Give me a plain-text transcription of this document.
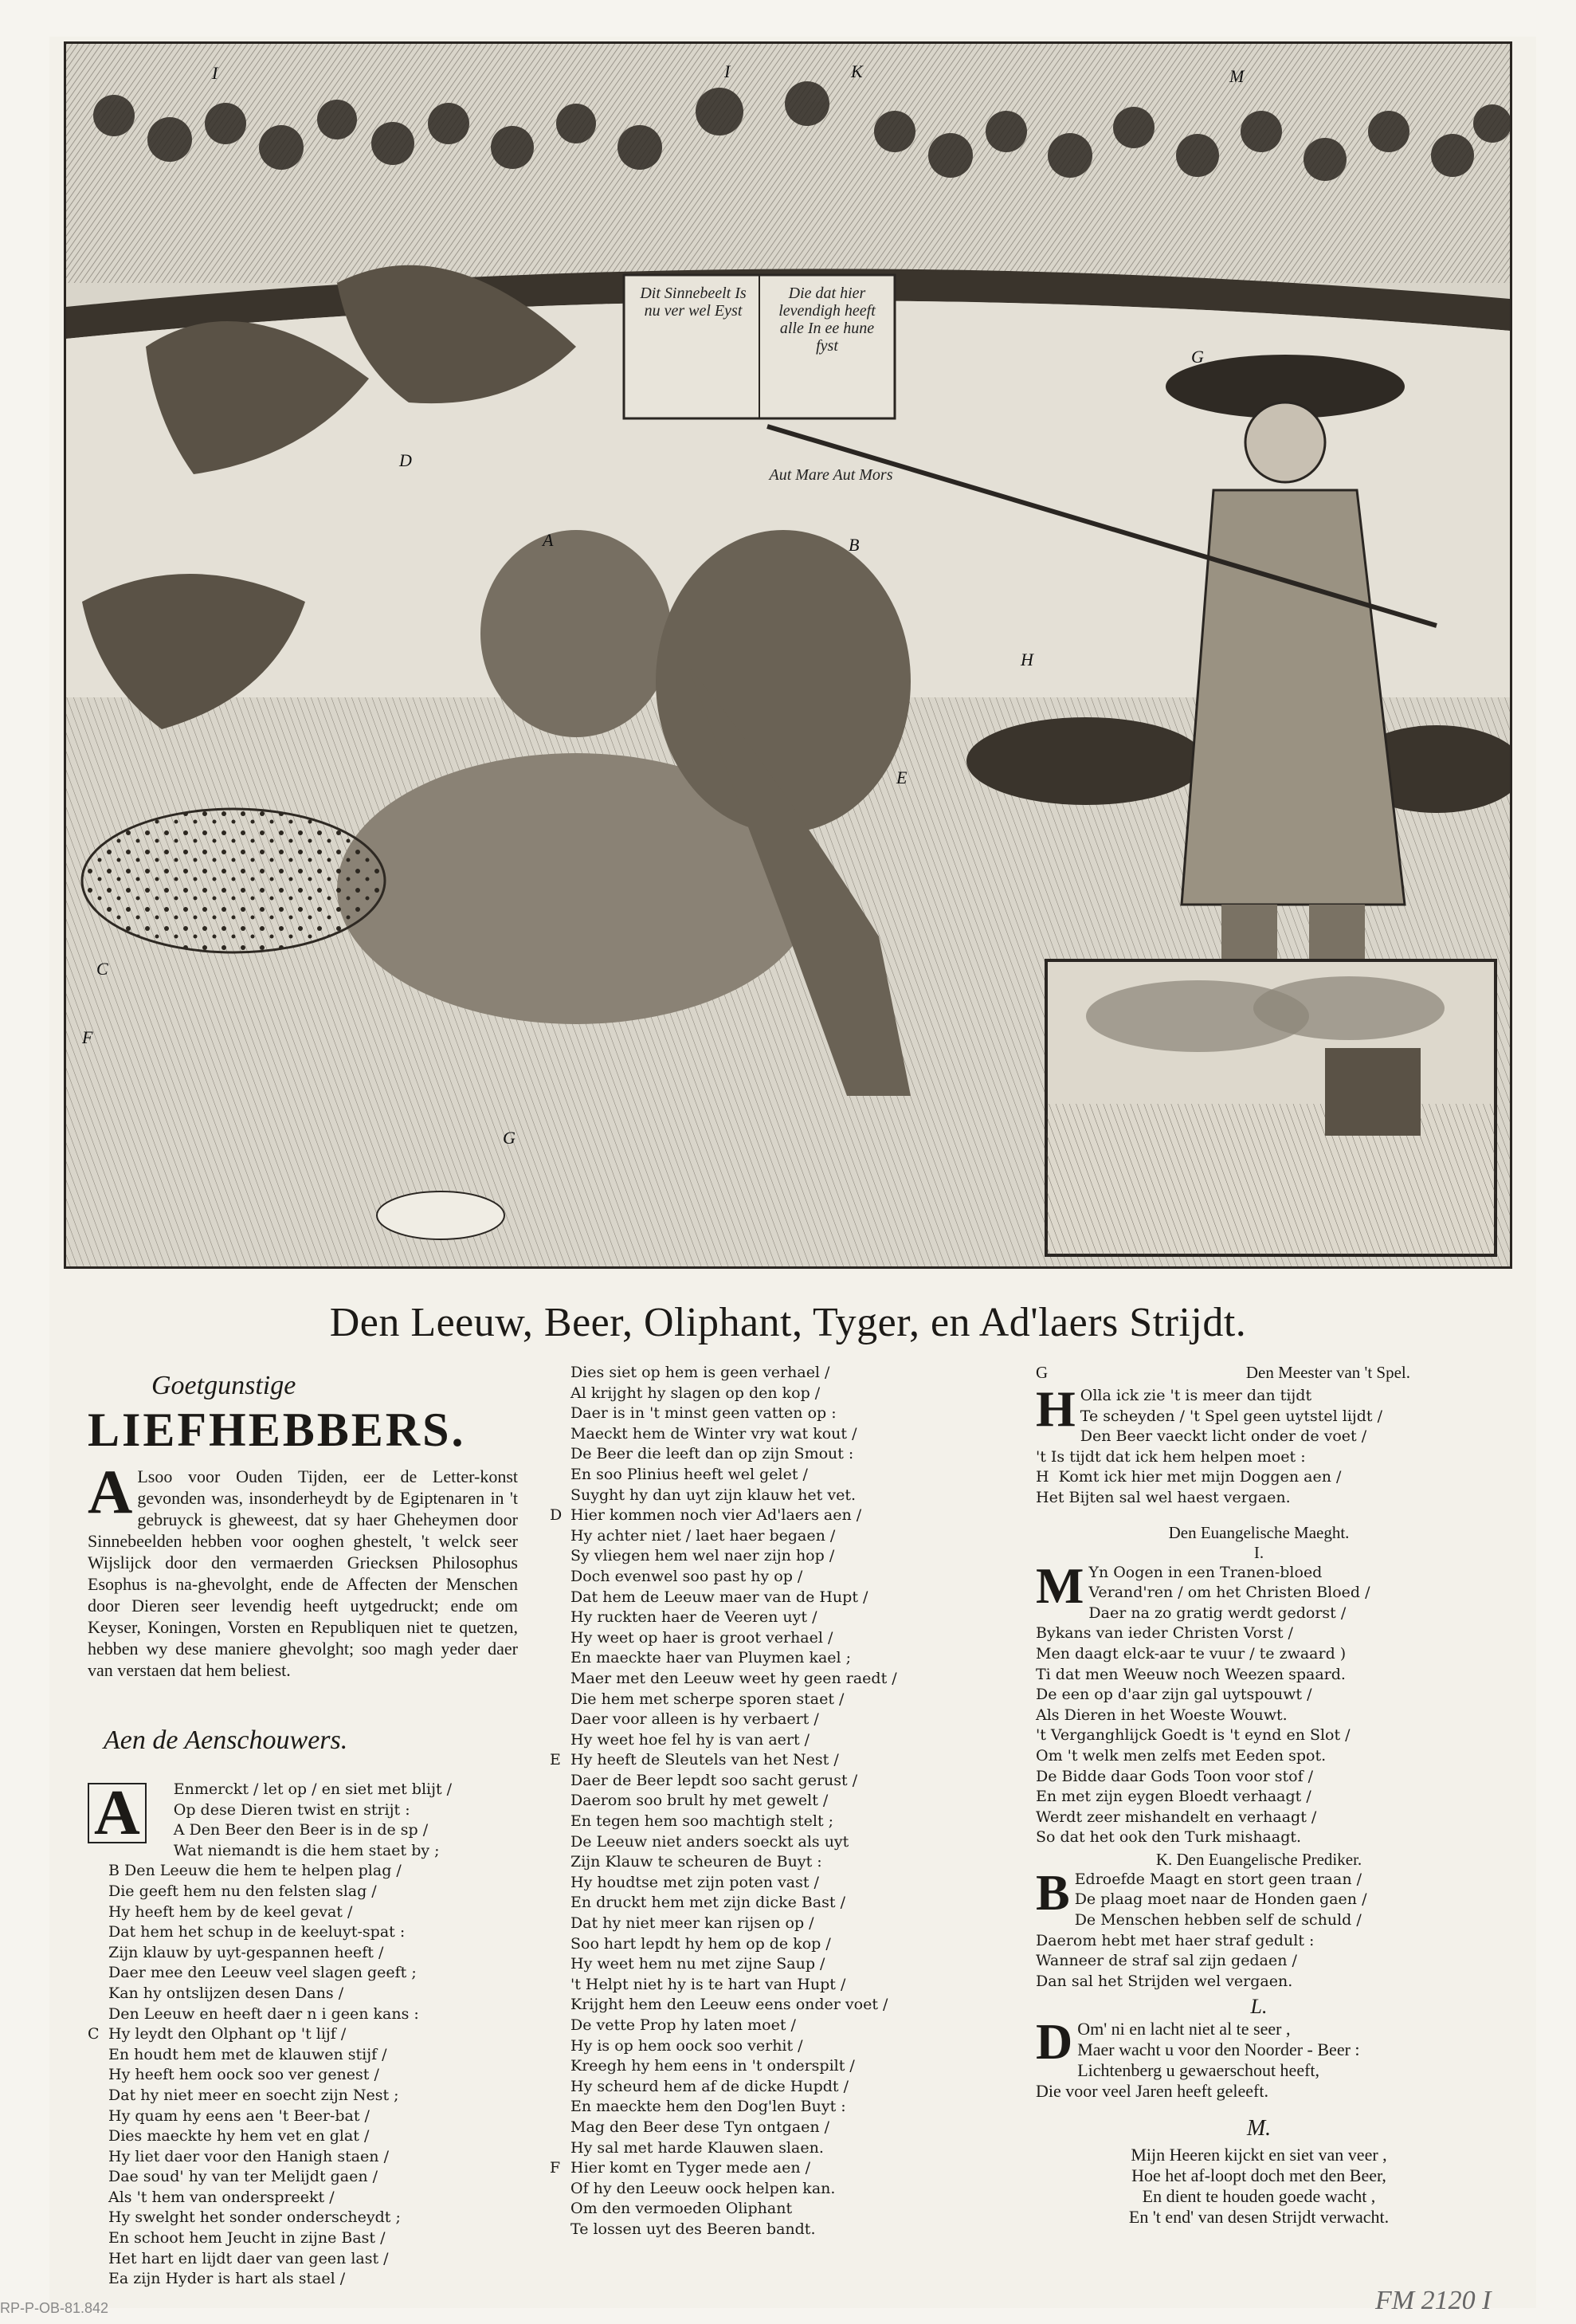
I	I	K	M
G
D
A	B
C
E
F
H
G
Dit Sinnebeelt Is nu ver wel Eyst
Die dat hier levendigh heeft alle In ee hune fyst
Aut Mare Aut Mors
Den Leeuw, Beer, Oliphant, Tyger, en Ad'laers Strijdt.
Goetgunstige
LIEFHEBBERS.
A Lsoo voor Ouden Tijden, eer de Letter-konst gevonden was, insonderheydt by de Egiptenaren in 't gebruyck is gheweest, dat sy haer Gheheymen door Sinnebeelden hebben voor ooghen ghestelt, 't welck seer Wijslijck door den vermaerden Griecksen Philosophus Esophus is na-ghevolght, ende de Affecten der Menschen door Dieren seer levendig heeft uytgedruckt; ende om Keyser, Koningen, Vorsten en Republiquen niet te quetzen, hebben wy dese maniere ghevolght; soo magh yeder daer van verstaen dat hem beliest.
Aen de Aenschouwers.
A	Enmerckt / let op / en siet met blijt /
Op dese Dieren twist en strijt :
A Den Beer den Beer is in de sp /
Wat niemandt is die hem staet by ;
B Den Leeuw die hem te helpen plag /
Die geeft hem nu den felsten slag /
Hy heeft hem by de keel gevat /
Dat hem het schup in de keeluyt-spat :
Zijn klauw by uyt-gespannen heeft /
Daer mee den Leeuw veel slagen geeft ;
Kan hy ontslijzen desen Dans /
Den Leeuw en heeft daer n i geen kans :
C Hy leydt den Olphant op 't lijf /
En houdt hem met de klauwen stijf /
Hy heeft hem oock soo ver genest /
Dat hy niet meer en soecht zijn Nest ;
Hy quam hy eens aen 't Beer-bat /
Dies maeckte hy hem vet en glat /
Hy liet daer voor den Hanigh staen /
Dae soud' hy van ter Melijdt gaen /
Als 't hem van onderspreekt /
Hy swelght het sonder onderscheydt ;
En schoot hem Jeucht in zijne Bast /
Het hart en lijdt daer van geen last /
Ea zijn Hyder is hart als stael /
Dies siet op hem is geen verhael /
Al krijght hy slagen op den kop /
Daer is in 't minst geen vatten op :
Maeckt hem de Winter vry wat kout /
De Beer die leeft dan op zijn Smout :
En soo Plinius heeft wel gelet /
Suyght hy dan uyt zijn klauw het vet.
D Hier kommen noch vier Ad'laers aen /
Hy achter niet / laet haer begaen /
Sy vliegen hem wel naer zijn hop /
Doch evenwel soo past hy op /
Dat hem de Leeuw maer van de Hupt /
Hy ruckten haer de Veeren uyt /
Hy weet op haer is groot verhael /
En maeckte haer van Pluymen kael ;
Maer met den Leeuw weet hy geen raedt /
Die hem met scherpe sporen staet /
Daer voor alleen is hy verbaert /
Hy weet hoe fel hy is van aert /
E Hy heeft de Sleutels van het Nest /
Daer de Beer lepdt soo sacht gerust /
Daerom soo brult hy met gewelt /
En tegen hem soo machtigh stelt ;
De Leeuw niet anders soeckt als uyt
Zijn Klauw te scheuren de Buyt :
Hy houdtse met zijn poten vast /
En druckt hem met zijn dicke Bast /
Dat hy niet meer kan rijsen op /
Soo hart lepdt hy hem op de kop /
Hy weet hem nu met zijne Saup /
't Helpt niet hy is te hart van Hupt /
Krijght hem den Leeuw eens onder voet /
De vette Prop hy laten moet /
Hy is op hem oock soo verhit /
Kreegh hy hem eens in 't onderspilt /
Hy scheurd hem af de dicke Hupdt /
En maeckte hem den Dog'len Buyt :
Mag den Beer dese Tyn ontgaen /
Hy sal met harde Klauwen slaen.
F Hier komt en Tyger mede aen /
Of hy den Leeuw oock helpen kan.
Om den vermoeden Oliphant
Te lossen uyt des Beeren bandt.
G	Den Meester van 't Spel.
H Olla ick zie 't is meer dan tijdt
Te scheyden / 't Spel geen uytstel lijdt /
Den Beer vaeckt licht onder de voet /
't Is tijdt dat ick hem helpen moet :
H  Komt ick hier met mijn Doggen aen /
Het Bijten sal wel haest vergaen.
Den Euangelische Maeght.
I.
M Yn Oogen in een Tranen-bloed
Verand'ren / om het Christen Bloed /
Daer na zo gratig werdt gedorst /
Bykans van ieder Christen Vorst /
Men daagt elck-aar te vuur / te zwaard )
Ti dat men Weeuw noch Weezen spaard.
De een op d'aar zijn gal uytspouwt /
Als Dieren in het Woeste Wouwt.
't Verganghlijck Goedt is 't eynd en Slot /
Om 't welk men zelfs met Eeden spot.
De Bidde daar Gods Toon voor stof /
En met zijn eygen Bloedt verhaagt /
Werdt zeer mishandelt en verhaagt /
So dat het ook den Turk mishaagt.
K. Den Euangelische Prediker.
B Edroefde Maagt en stort geen traan /
De plaag moet naar de Honden gaen /
De Menschen hebben self de schuld /
Daerom hebt met haer straf gedult :
Wanneer de straf sal zijn gedaen /
Dan sal het Strijden wel vergaen.
L.
D Om' ni en lacht niet al te seer ,
Maer wacht u voor den Noorder - Beer :
Lichtenberg u gewaerschout heeft,
Die voor veel Jaren heeft geleeft.
M.
Mijn Heeren kijckt en siet van veer ,
Hoe het af-loopt doch met den Beer,
En dient te houden goede wacht ,
En 't end' van desen Strijdt verwacht.
RP-P-OB-81.842	FM 2120 I
